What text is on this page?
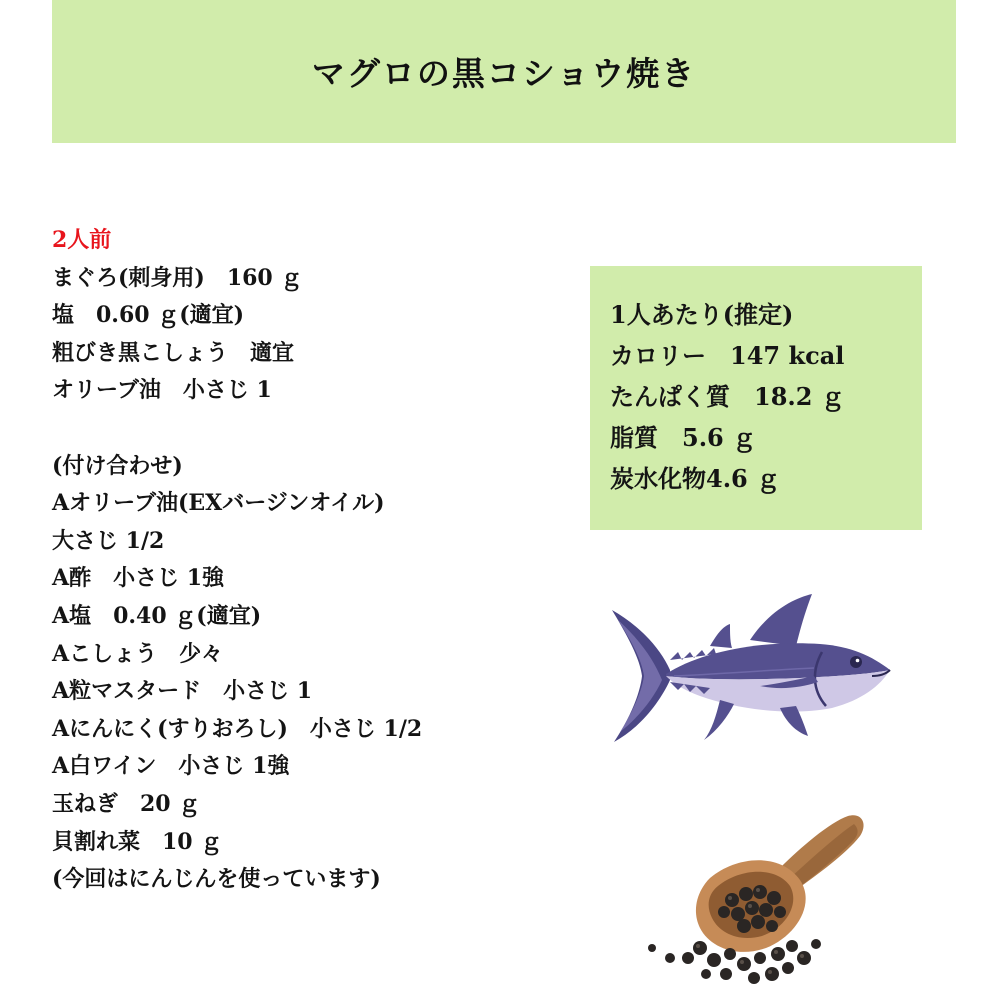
マグロの黒コショウ焼き
2人前
まぐろ(刺身用)　160 ｇ
塩　0.60 ｇ(適宜)
粗びき黒こしょう　適宜
オリーブ油　小さじ 1
(付け合わせ)
Aオリーブ油(EXバージンオイル)
大さじ 1/2
A酢　小さじ 1強
A塩　0.40 ｇ(適宜)
Aこしょう　少々
A粒マスタード　小さじ 1
Aにんにく(すりおろし)　小さじ 1/2
A白ワイン　小さじ 1強
玉ねぎ　20 ｇ
貝割れ菜　10 ｇ
(今回はにんじんを使っています)
1人あたり(推定)
カロリー　147 kcal
たんぱく質　18.2 ｇ
脂質　5.6 ｇ
炭水化物4.6 ｇ
